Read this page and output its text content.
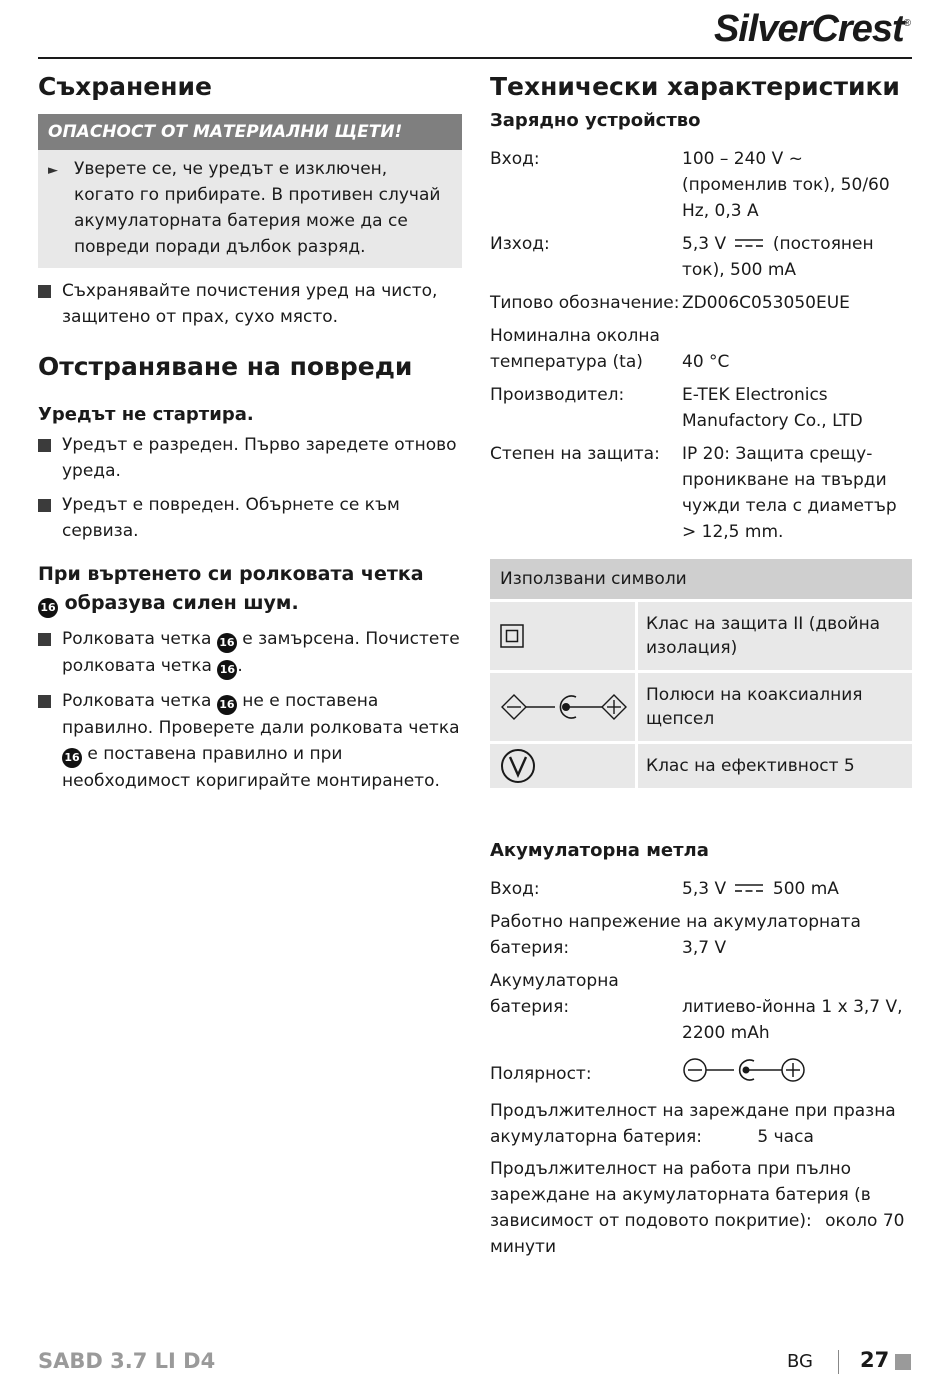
SilverCrest®
Съхранение
ОПАСНОСТ ОТ МАТЕРИАЛНИ ЩЕТИ!
► Уверете се, че уредът е изключен, когато го прибирате. В противен случай акумулаторната батерия може да се повреди поради дълбок разряд.
Съхранявайте почистения уред на чисто, защитено от прах, сухо място.
Отстраняване на повреди
Уредът не стартира.
Уредът е разреден. Първо заредете отново уреда.
Уредът е повреден. Обърнете се към сервиза.
При въртенето си ролковата четка
16 образува силен шум.
Ролковата четка 16 е замърсена. Почистете ролковата четка 16 .
Ролковата четка 16 не е поставена правилно. Проверете дали ролковата четка 16 е поставена правилно и при необходимост коригирайте монтирането.
Технически характеристики
Зарядно устройство
Вход:	100 – 240 V ~ (променлив ток), 50/60 Hz, 0,3 A
Изход:	5,3 V	(постоянен ток), 500 mA
Типово обозначение: ZD006C053050EUE
Номинална околна температура (ta)	40 °C
Производител:	E-TEK Electronics Manufactory Co., LTD
Степен на защита:	IP 20: Защита срещупроникване на твърди чужди тела с диаметър > 12,5 mm.
Използвани символи
Клас на защита II (двойна изолация)
Полюси на коаксиалния щепсел
Клас на ефективност 5
Акумулаторна метла
Вход:	5,3 V	500 mA
Работно напрежение на акумулаторната батерия:	3,7 V
Акумулаторна батерия:	литиево-йонна 1 x 3,7 V, 2200 mAh
Полярност:
Продължителност на зареждане при празна акумулаторна батерия:	5 часа
Продължителност на работа при пълно зареждане на акумулаторната батерия (в зависимост от подовото покритие): около 70 минути
SABD 3.7 LI D4	BG 27
